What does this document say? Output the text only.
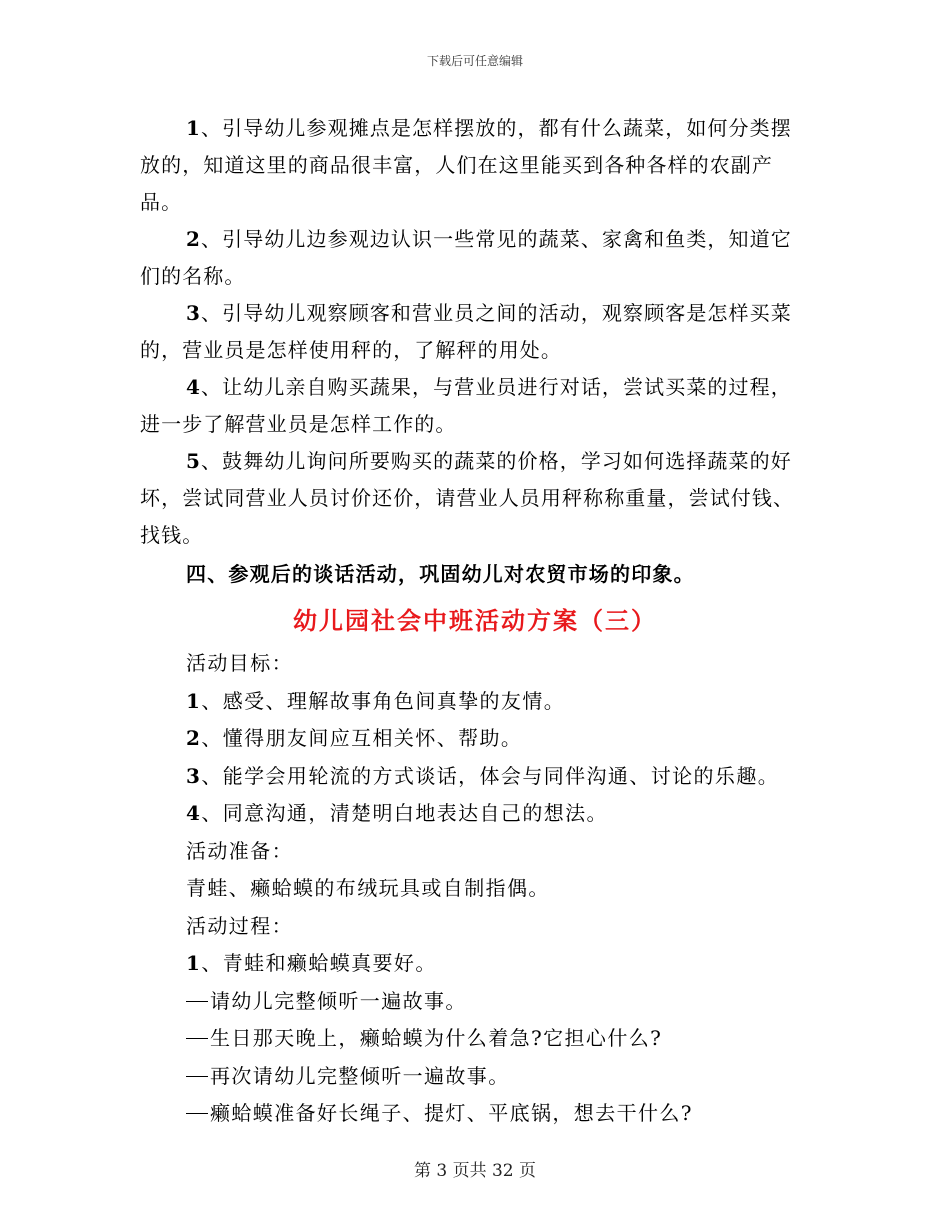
下载后可任意编辑

1、引导幼儿参观摊点是怎样摆放的，都有什么蔬菜，如何分类摆放的，知道这里的商品很丰富，人们在这里能买到各种各样的农副产品。

2、引导幼儿边参观边认识一些常见的蔬菜、家禽和鱼类，知道它们的名称。

3、引导幼儿观察顾客和营业员之间的活动，观察顾客是怎样买菜的，营业员是怎样使用秤的，了解秤的用处。

4、让幼儿亲自购买蔬果，与营业员进行对话，尝试买菜的过程，进一步了解营业员是怎样工作的。

5、鼓舞幼儿询问所要购买的蔬菜的价格，学习如何选择蔬菜的好坏，尝试同营业人员讨价还价，请营业人员用秤称称重量，尝试付钱、找钱。

四、参观后的谈话活动，巩固幼儿对农贸市场的印象。

幼儿园社会中班活动方案（三）

活动目标：

1、感受、理解故事角色间真挚的友情。

2、懂得朋友间应互相关怀、帮助。

3、能学会用轮流的方式谈话，体会与同伴沟通、讨论的乐趣。

4、同意沟通，清楚明白地表达自己的想法。

活动准备：

青蛙、癞蛤蟆的布绒玩具或自制指偶。

活动过程：

1、青蛙和癞蛤蟆真要好。

请幼儿完整倾听一遍故事。

生日那天晚上，癞蛤蟆为什么着急?它担心什么?

再次请幼儿完整倾听一遍故事。

癞蛤蟆准备好长绳子、提灯、平底锅，想去干什么?

第 3 页共 32 页
